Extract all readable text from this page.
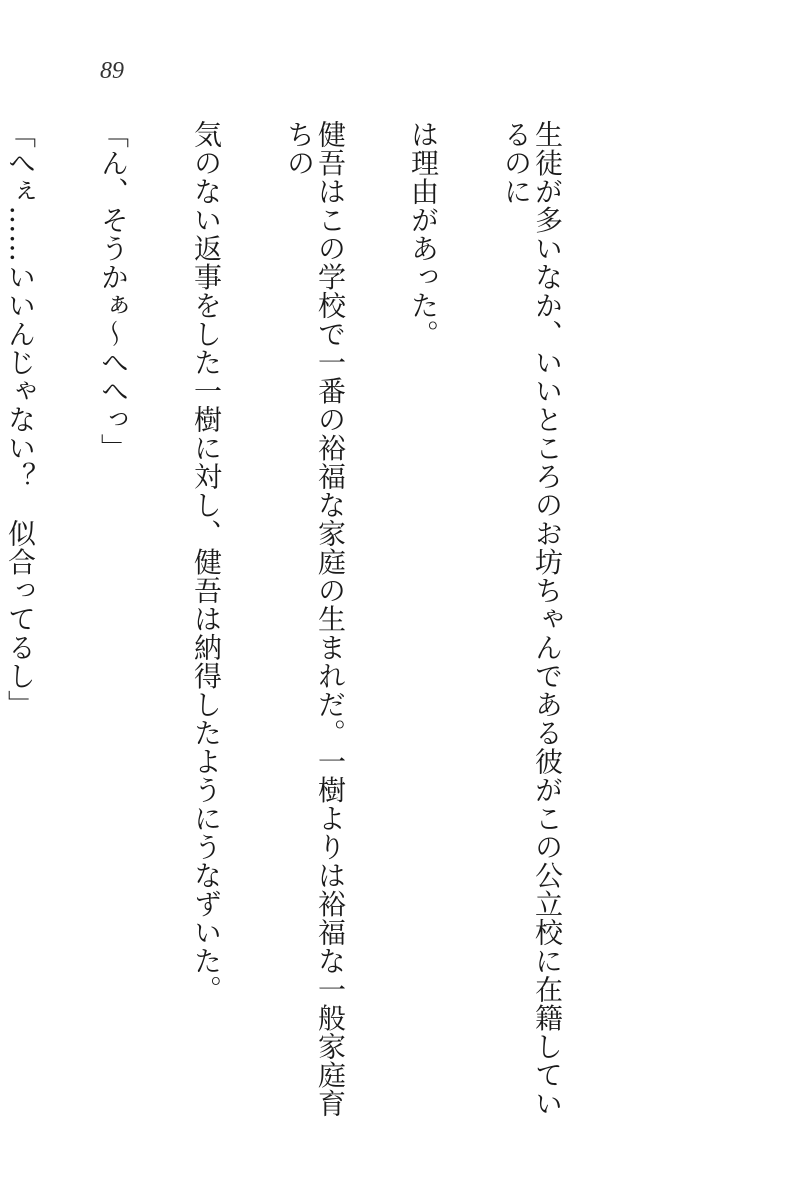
89

生徒が多いなか、いいところのお坊ちゃんである彼がこの公立校に在籍しているのに

は理由があった。

健吾はこの学校で一番の裕福な家庭の生まれだ。一樹よりは裕福な一般家庭育ちの

気のない返事をした一樹に対し、健吾は納得したようにうなずいた。

「ん、そうかぁ〜へへっ」

「へぇ……いいんじゃない？　似合ってるし」
